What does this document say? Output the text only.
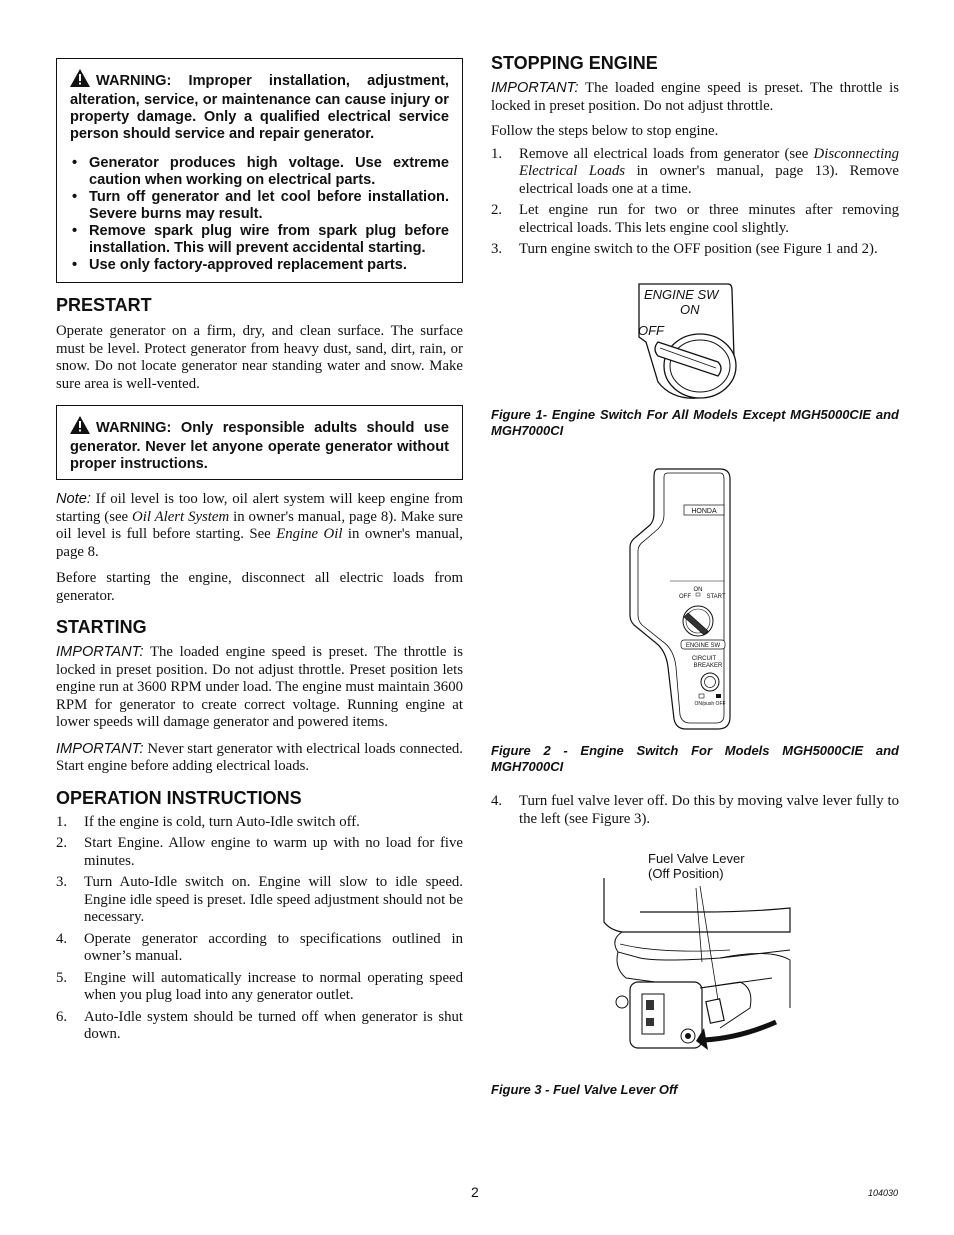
WARNING: Improper installation, adjustment, alteration, service, or maintenance can cause injury or property damage. Only a qualified electrical service person should service and repair generator.

• Generator produces high voltage. Use extreme caution when working on electrical parts.
• Turn off generator and let cool before installation. Severe burns may result.
• Remove spark plug wire from spark plug before installation. This will prevent accidental starting.
• Use only factory-approved replacement parts.
PRESTART

Operate generator on a firm, dry, and clean surface. The surface must be level. Protect generator from heavy dust, sand, dirt, rain, or snow. Do not locate generator near standing water and snow. Make sure area is well-vented.

WARNING: Only responsible adults should use generator. Never let anyone operate generator without proper instructions.

Note: If oil level is too low, oil alert system will keep engine from starting (see Oil Alert System in owner's manual, page 8). Make sure oil level is full before starting. See Engine Oil in owner's manual, page 8.

Before starting the engine, disconnect all electric loads from generator.

STARTING

IMPORTANT: The loaded engine speed is preset. The throttle is locked in preset position. Do not adjust throttle. Preset position lets engine run at 3600 RPM under load. The engine must maintain 3600 RPM for generator to create correct voltage. Running engine at lower speeds will damage generator and powered items.

IMPORTANT: Never start generator with electrical loads connected. Start engine before adding electrical loads.

OPERATION INSTRUCTIONS
1. If the engine is cold, turn Auto-Idle switch off.
2. Start Engine. Allow engine to warm up with no load for five minutes.
3. Turn Auto-Idle switch on. Engine will slow to idle speed. Engine idle speed is preset. Idle speed adjustment should not be necessary.
4. Operate generator according to specifications outlined in owner’s manual.
5. Engine will automatically increase to normal operating speed when you plug load into any generator outlet.
6. Auto-Idle system should be turned off when generator is shut down.
STOPPING ENGINE

IMPORTANT: The loaded engine speed is preset. The throttle is locked in preset position. Do not adjust throttle.

Follow the steps below to stop engine.

1. Remove all electrical loads from generator (see Disconnecting Electrical Loads in owner's manual, page 13). Remove electrical loads one at a time.
2. Let engine run for two or three minutes after removing electrical loads. This lets engine cool slightly.
3. Turn engine switch to the OFF position (see Figure 1 and 2).
ENGINE SW
ON
OFF
Figure 1- Engine Switch For All Models Except MGH5000CIE and MGH7000CI
HONDA
ON
OFF	START
ENGINE SW
CIRCUIT
BREAKER
ON/push OFF
Figure 2 - Engine Switch For Models MGH5000CIE and MGH7000CI
4. Turn fuel valve lever off. Do this by moving valve lever fully to the left (see Figure 3).
Fuel Valve Lever
(Off Position)
Figure 3 - Fuel Valve Lever Off
2	104030
